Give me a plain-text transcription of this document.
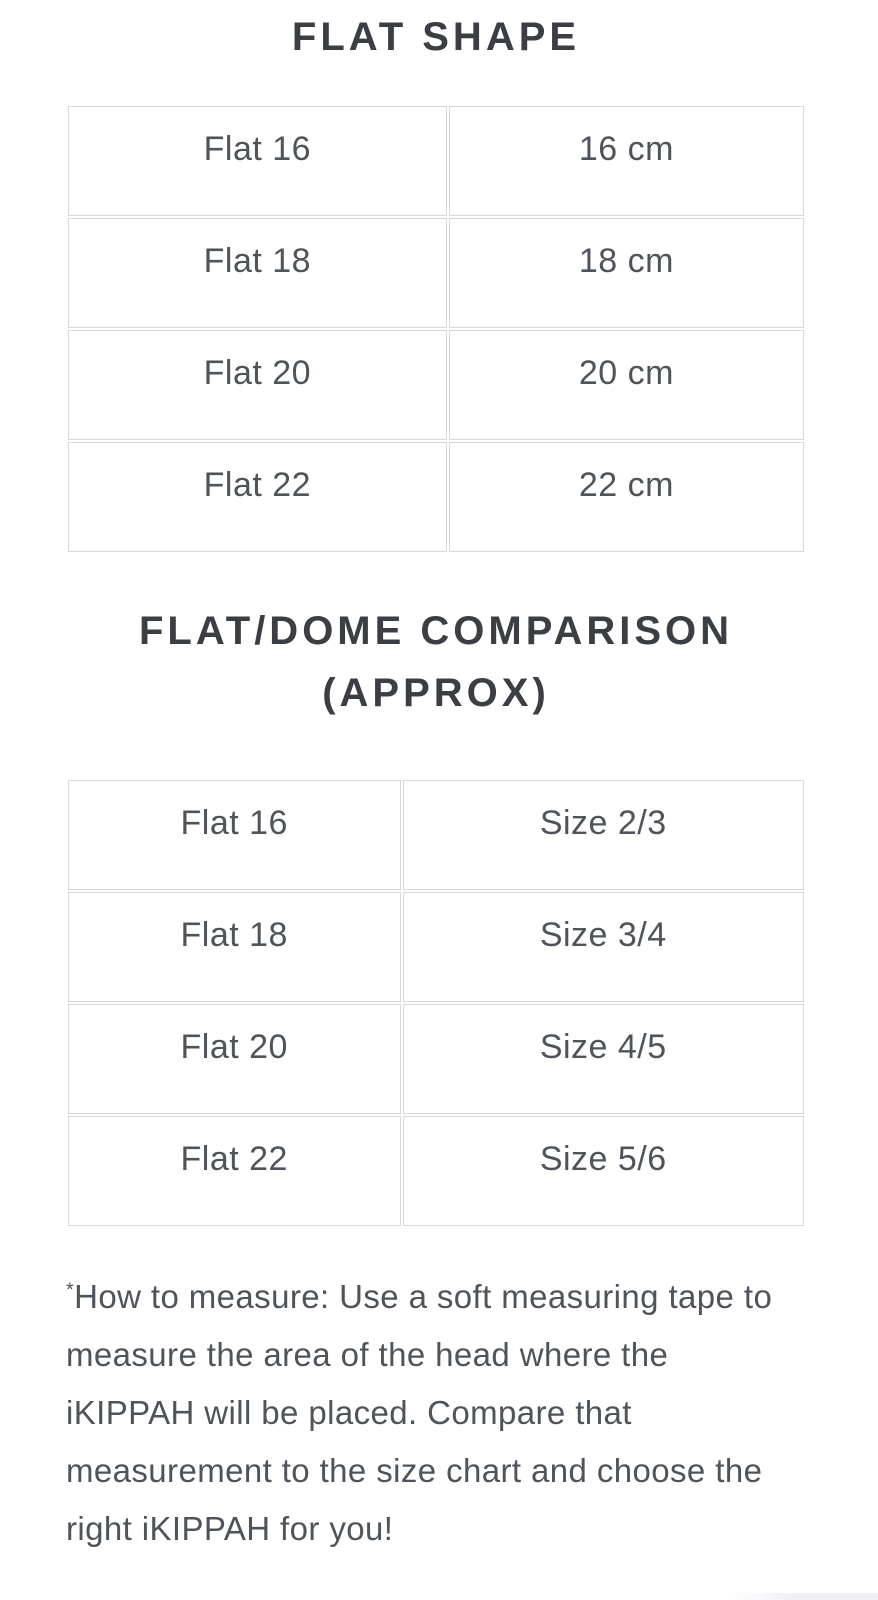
FLAT SHAPE
Flat 16	16 cm
Flat 18	18 cm
Flat 20	20 cm
Flat 22	22 cm
FLAT/DOME COMPARISON (APPROX)
Flat 16	Size 2/3
Flat 18	Size 3/4
Flat 20	Size 4/5
Flat 22	Size 5/6

*How to measure: Use a soft measuring tape to measure the area of the head where the iKIPPAH will be placed. Compare that measurement to the size chart and choose the right iKIPPAH for you!
